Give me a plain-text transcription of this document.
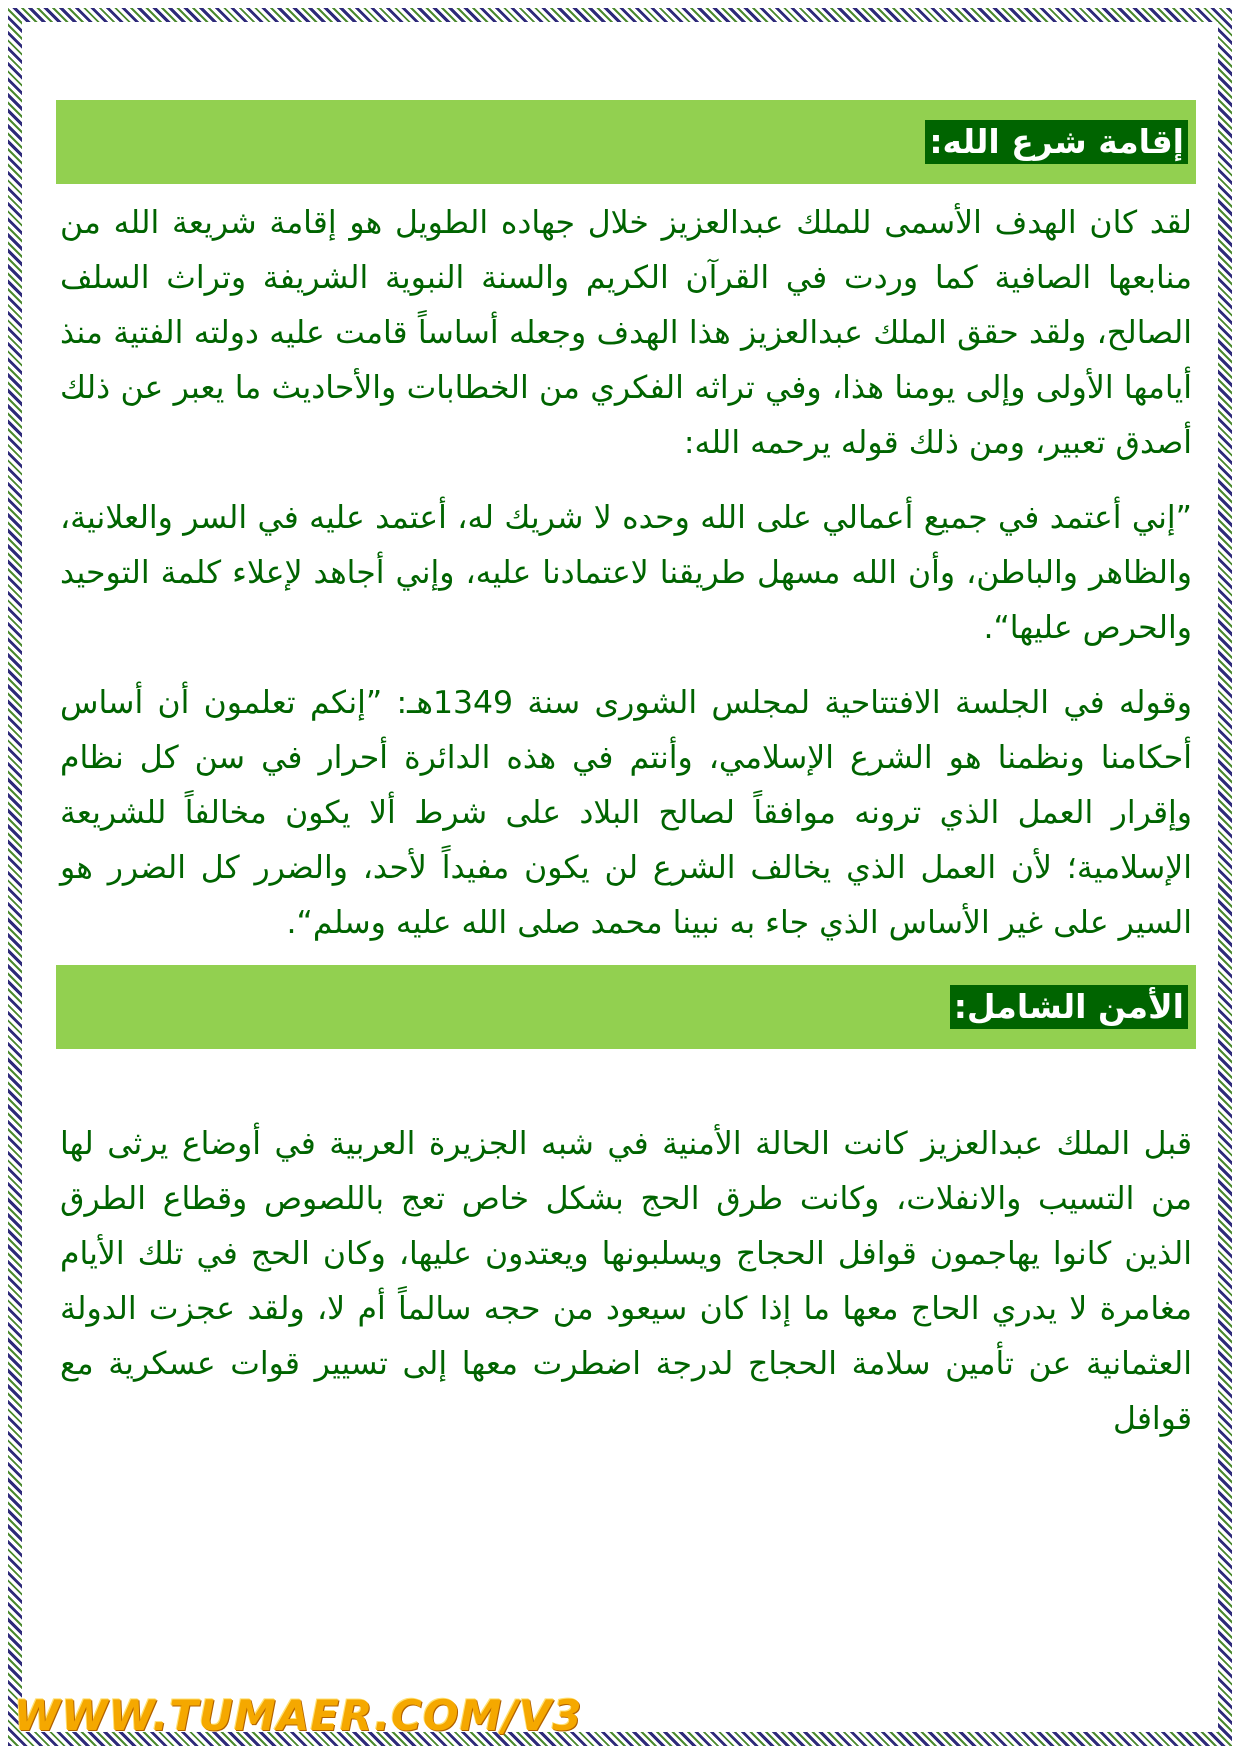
إقامة شرع الله:

لقد كان الهدف الأسمى للملك عبدالعزيز خلال جهاده الطويل هو إقامة شريعة الله من منابعها الصافية كما وردت في القرآن الكريم والسنة النبوية الشريفة وتراث السلف الصالح، ولقد حقق الملك عبدالعزيز هذا الهدف وجعله أساساً قامت عليه دولته الفتية منذ أيامها الأولى وإلى يومنا هذا، وفي تراثه الفكري من الخطابات والأحاديث ما يعبر عن ذلك أصدق تعبير، ومن ذلك قوله يرحمه الله:

”إني أعتمد في جميع أعمالي على الله وحده لا شريك له، أعتمد عليه في السر والعلانية، والظاهر والباطن، وأن الله مسهل طريقنا لاعتمادنا عليه، وإني أجاهد لإعلاء كلمة التوحيد والحرص عليها“.

وقوله في الجلسة الافتتاحية لمجلس الشورى سنة 1349هـ: ”إنكم تعلمون أن أساس أحكامنا ونظمنا هو الشرع الإسلامي، وأنتم في هذه الدائرة أحرار في سن كل نظام وإقرار العمل الذي ترونه موافقاً لصالح البلاد على شرط ألا يكون مخالفاً للشريعة الإسلامية؛ لأن العمل الذي يخالف الشرع لن يكون مفيداً لأحد، والضرر كل الضرر هو السير على غير الأساس الذي جاء به نبينا محمد صلى الله عليه وسلم“.

الأمن الشامل:

قبل الملك عبدالعزيز كانت الحالة الأمنية في شبه الجزيرة العربية في أوضاع يرثى لها من التسيب والانفلات، وكانت طرق الحج بشكل خاص تعج باللصوص وقطاع الطرق الذين كانوا يهاجمون قوافل الحجاج ويسلبونها ويعتدون عليها، وكان الحج في تلك الأيام مغامرة لا يدري الحاج معها ما إذا كان سيعود من حجه سالماً أم لا، ولقد عجزت الدولة العثمانية عن تأمين سلامة الحجاج لدرجة اضطرت معها إلى تسيير قوات عسكرية مع قوافل

WWW.TUMAER.COM/V3
